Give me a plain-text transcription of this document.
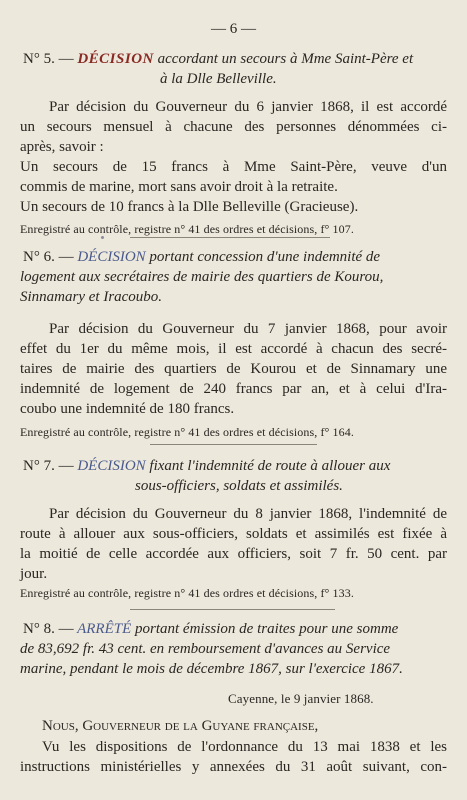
— 6 —
N° 5. — DÉCISION accordant un secours à Mme Saint-Père et
à la Dlle Belleville.
Par décision du Gouverneur du 6 janvier 1868, il est accordé
un secours mensuel à chacune des personnes dénommées ci-
après, savoir :
Un secours de 15 francs à Mme Saint-Père, veuve d'un
commis de marine, mort sans avoir droit à la retraite.
Un secours de 10 francs à la Dlle Belleville (Gracieuse).
Enregistré au contrôle, registre n° 41 des ordres et décisions, f° 107.
N° 6. — DÉCISION portant concession d'une indemnité de
logement aux secrétaires de mairie des quartiers de Kourou,
Sinnamary et Iracoubo.
Par décision du Gouverneur du 7 janvier 1868, pour avoir
effet du 1er du même mois, il est accordé à chacun des secré-
taires de mairie des quartiers de Kourou et de Sinnamary une
indemnité de logement de 240 francs par an, et à celui d'Ira-
coubo une indemnité de 180 francs.
Enregistré au contrôle, registre n° 41 des ordres et décisions, f° 164.
N° 7. — DÉCISION fixant l'indemnité de route à allouer aux
sous-officiers, soldats et assimilés.
Par décision du Gouverneur du 8 janvier 1868, l'indemnité de
route à allouer aux sous-officiers, soldats et assimilés est fixée à
la moitié de celle accordée aux officiers, soit 7 fr. 50 cent. par
jour.
Enregistré au contrôle, registre n° 41 des ordres et décisions, f° 133.
N° 8. — ARRÊTÉ portant émission de traites pour une somme
de 83,692 fr. 43 cent. en remboursement d'avances au Service
marine, pendant le mois de décembre 1867, sur l'exercice 1867.
Cayenne, le 9 janvier 1868.
Nous, Gouverneur de la Guyane française,
Vu les dispositions de l'ordonnance du 13 mai 1838 et les
instructions ministérielles y annexées du 31 août suivant, con-
